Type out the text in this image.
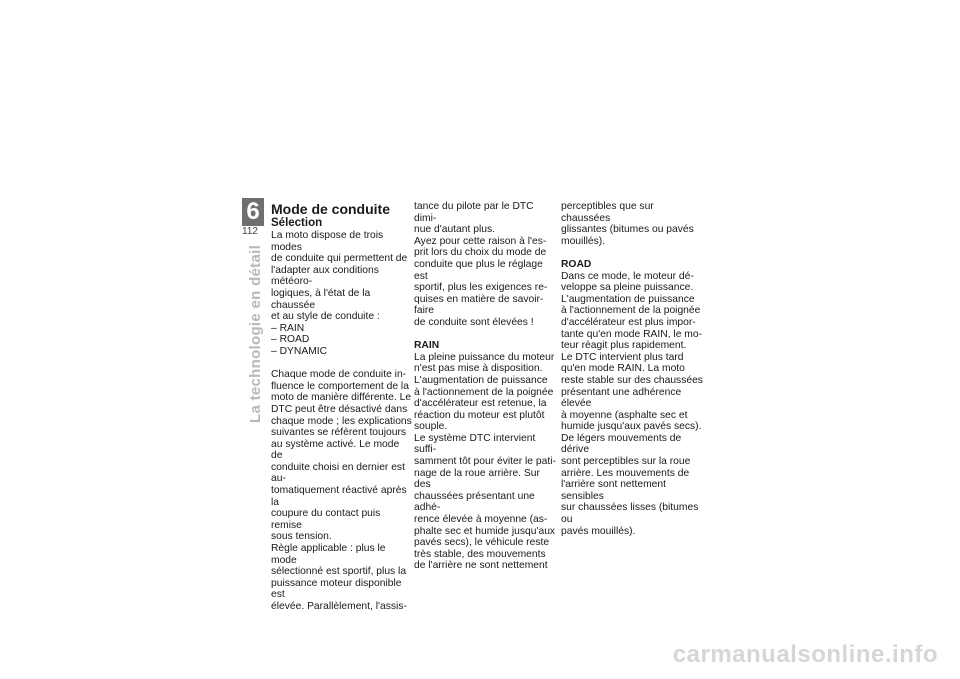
6
112
La technologie en détail

Mode de conduite

Sélection

La moto dispose de trois modes
de conduite qui permettent de
l'adapter aux conditions météoro-
logiques, à l'état de la chaussée
et au style de conduite :

– RAIN
– ROAD
– DYNAMIC

Chaque mode de conduite in-
fluence le comportement de la
moto de manière différente. Le
DTC peut être désactivé dans
chaque mode ; les explications
suivantes se réfèrent toujours
au système activé. Le mode de
conduite choisi en dernier est au-
tomatiquement réactivé après la
coupure du contact puis remise
sous tension.
Règle applicable : plus le mode
sélectionné est sportif, plus la
puissance moteur disponible est
élevée. Parallèlement, l'assis-

tance du pilote par le DTC dimi-
nue d'autant plus.
Ayez pour cette raison à l'es-
prit lors du choix du mode de
conduite que plus le réglage est
sportif, plus les exigences re-
quises en matière de savoir-faire
de conduite sont élevées !

RAIN

La pleine puissance du moteur
n'est pas mise à disposition.
L'augmentation de puissance
à l'actionnement de la poignée
d'accélérateur est retenue, la
réaction du moteur est plutôt
souple.
Le système DTC intervient suffi-
samment tôt pour éviter le pati-
nage de la roue arrière. Sur des
chaussées présentant une adhé-
rence élevée à moyenne (as-
phalte sec et humide jusqu'aux
pavés secs), le véhicule reste
très stable, des mouvements
de l'arrière ne sont nettement

perceptibles que sur chaussées
glissantes (bitumes ou pavés
mouillés).

ROAD

Dans ce mode, le moteur dé-
veloppe sa pleine puissance.
L'augmentation de puissance
à l'actionnement de la poignée
d'accélérateur est plus impor-
tante qu'en mode RAIN, le mo-
teur réagit plus rapidement.
Le DTC intervient plus tard
qu'en mode RAIN. La moto
reste stable sur des chaussées
présentant une adhérence élevée
à moyenne (asphalte sec et
humide jusqu'aux pavés secs).
De légers mouvements de dérive
sont perceptibles sur la roue
arrière. Les mouvements de
l'arrière sont nettement sensibles
sur chaussées lisses (bitumes ou
pavés mouillés).

carmanualsonline.info
